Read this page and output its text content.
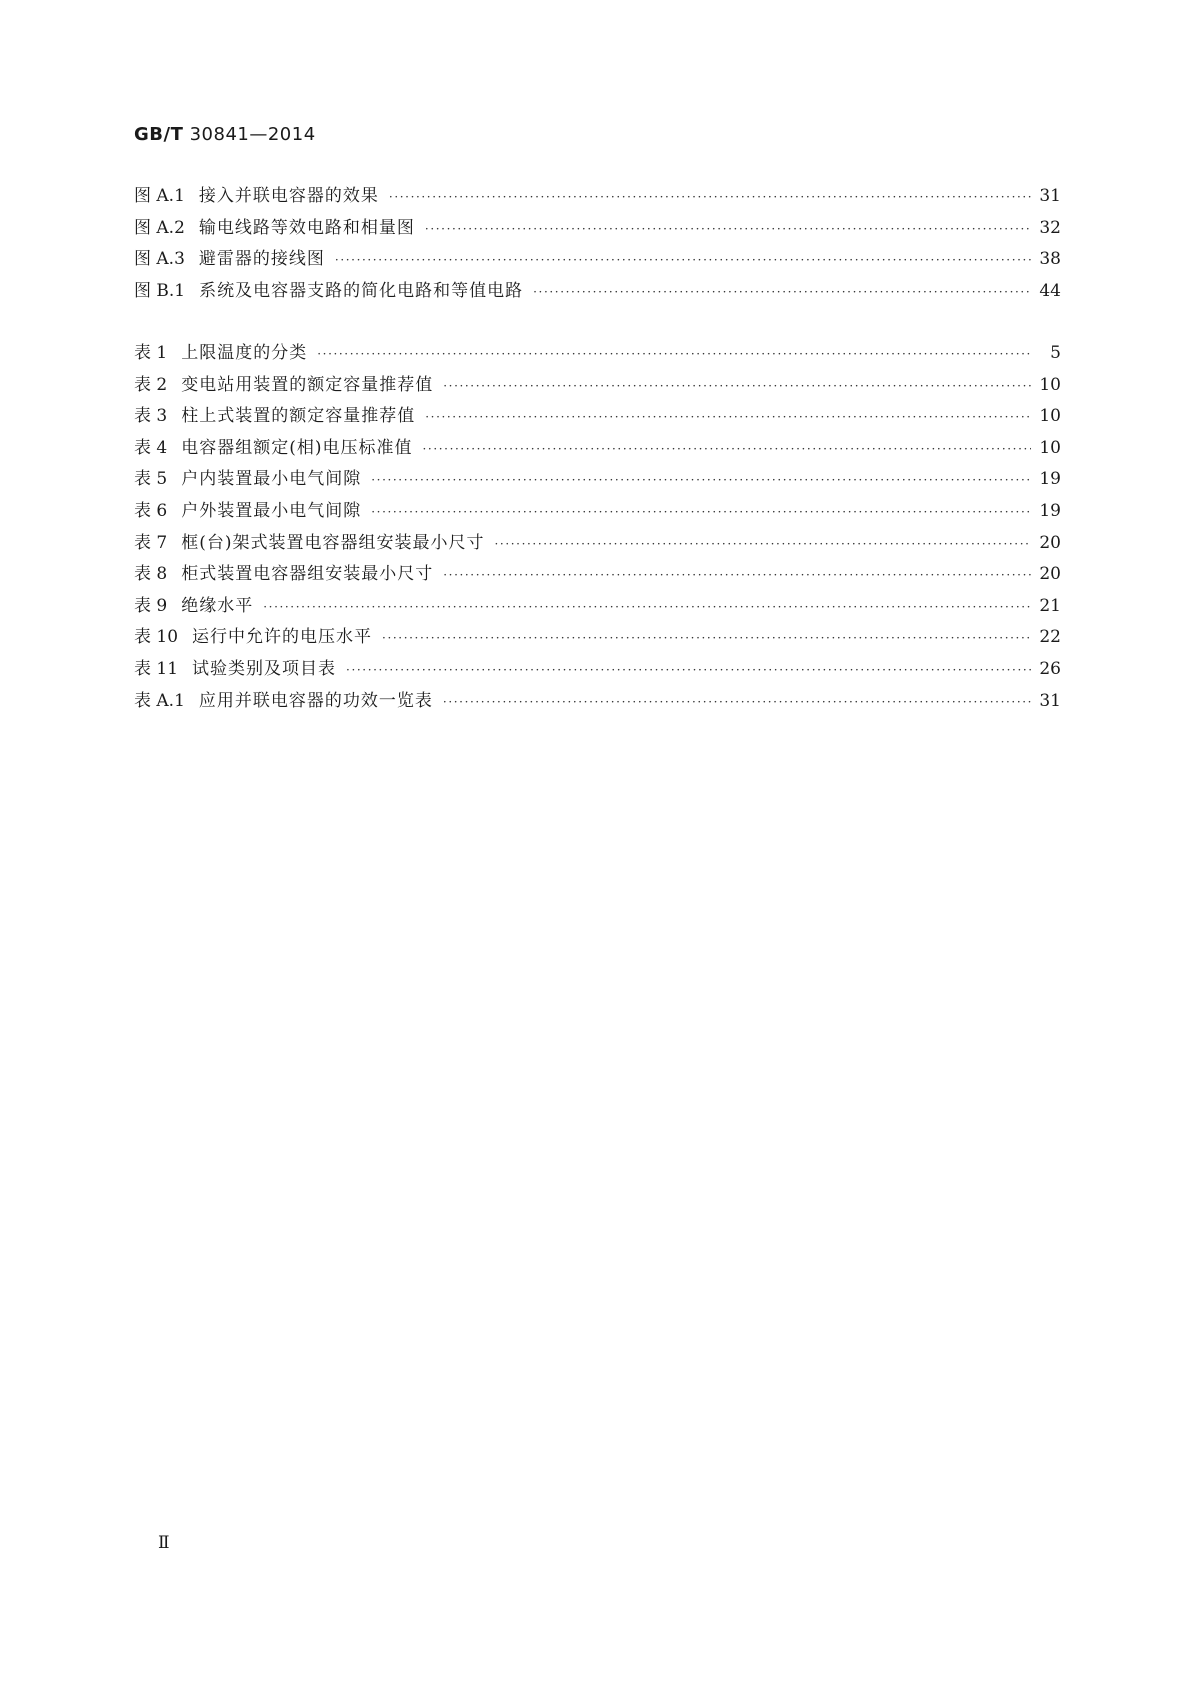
GB/T 30841—2014
图 A.1 接入并联电容器的效果 ·····	31
图 A.2 输电线路等效电路和相量图 ·····	32
图 A.3 避雷器的接线图 ·····	38
图 B.1 系统及电容器支路的简化电路和等值电路 ·····	44
表 1 上限温度的分类 ·····	5
表 2 变电站用装置的额定容量推荐值 ·····	10
表 3 柱上式装置的额定容量推荐值 ·····	10
表 4 电容器组额定(相)电压标准值 ·····	10
表 5 户内装置最小电气间隙 ·····	19
表 6 户外装置最小电气间隙 ·····	19
表 7 框(台)架式装置电容器组安装最小尺寸 ·····	20
表 8 柜式装置电容器组安装最小尺寸 ·····	20
表 9 绝缘水平 ·····	21
表 10 运行中允许的电压水平 ·····	22
表 11 试验类别及项目表 ·····	26
表 A.1 应用并联电容器的功效一览表 ·····	31
Ⅱ
